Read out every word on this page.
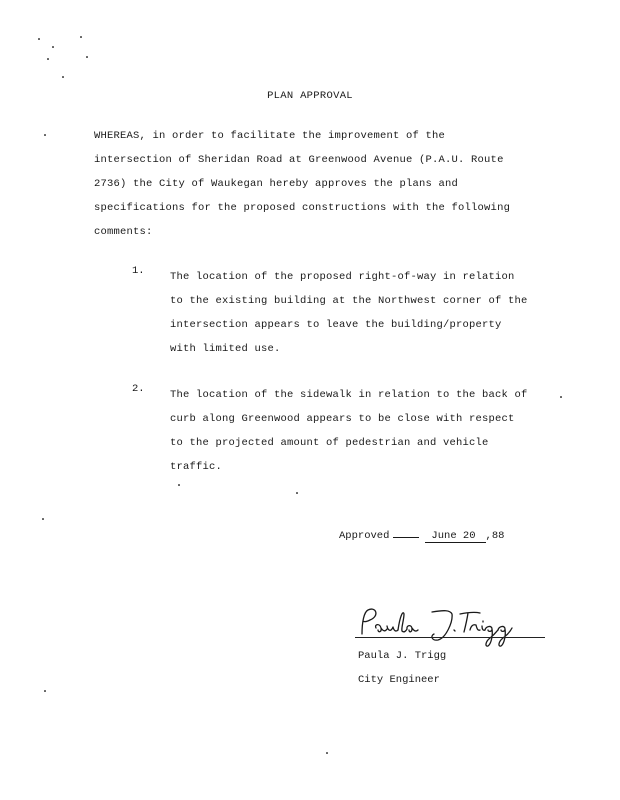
PLAN APPROVAL
WHEREAS, in order to facilitate the improvement of the
intersection of Sheridan Road at Greenwood Avenue (P.A.U. Route
2736) the City of Waukegan hereby approves the plans and
specifications for the proposed constructions with the following
comments:
1. The location of the proposed right-of-way in relation
to the existing building at the Northwest corner of the
intersection appears to leave the building/property
with limited use.
2. The location of the sidewalk in relation to the back of
curb along Greenwood appears to be close with respect
to the projected amount of pedestrian and vehicle
traffic.
Approved	June 20 ,88
Paula J. Trigg
City Engineer
